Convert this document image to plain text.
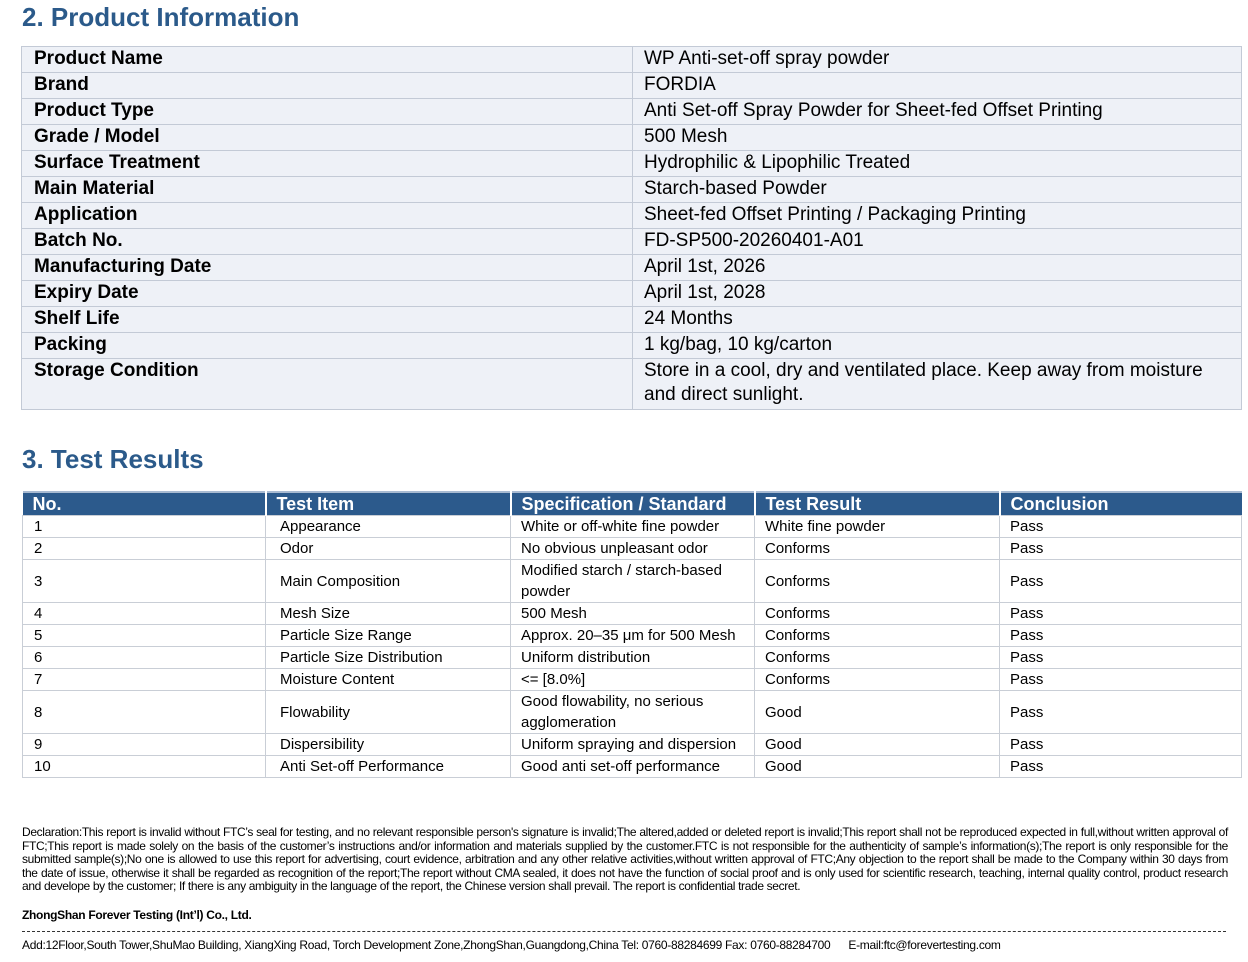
2. Product Information
Product Name	WP Anti-set-off spray powder
Brand	FORDIA
Product Type	Anti Set-off Spray Powder for Sheet-fed Offset Printing
Grade / Model	500 Mesh
Surface Treatment	Hydrophilic & Lipophilic Treated
Main Material	Starch-based Powder
Application	Sheet-fed Offset Printing / Packaging Printing
Batch No.	FD-SP500-20260401-A01
Manufacturing Date	April 1st, 2026
Expiry Date	April 1st, 2028
Shelf Life	24 Months
Packing	1 kg/bag, 10 kg/carton
Storage Condition	Store in a cool, dry and ventilated place. Keep away from moisture and direct sunlight.
3. Test Results
No.	Test Item	Specification / Standard	Test Result	Conclusion
1	Appearance	White or off-white fine powder	White fine powder	Pass
2	Odor	No obvious unpleasant odor	Conforms	Pass
3	Main Composition	Modified starch / starch-based powder	Conforms	Pass
4	Mesh Size	500 Mesh	Conforms	Pass
5	Particle Size Range	Approx. 20–35 μm for 500 Mesh	Conforms	Pass
6	Particle Size Distribution	Uniform distribution	Conforms	Pass
7	Moisture Content	<= [8.0%]	Conforms	Pass
8	Flowability	Good flowability, no serious agglomeration	Good	Pass
9	Dispersibility	Uniform spraying and dispersion	Good	Pass
10	Anti Set-off Performance	Good anti set-off performance	Good	Pass
Declaration:This report is invalid without FTC’s seal for testing, and no relevant responsible person's signature is invalid;The altered,added or deleted report is invalid;This report shall not be reproduced expected in full,without written approval of FTC;This report is made solely on the basis of the customer’s instructions and/or information and materials supplied by the customer.FTC is not responsible for the authenticity of sample’s information(s);The report is only responsible for the submitted sample(s);No one is allowed to use this report for advertising, court evidence, arbitration and any other relative activities,without written approval of FTC;Any objection to the report shall be made to the Company within 30 days from the date of issue, otherwise it shall be regarded as recognition of the report;The report without CMA sealed, it does not have the function of social proof and is only used for scientific research, teaching, internal quality control, product research and develope by the customer; If there is any ambiguity in the language of the report, the Chinese version shall prevail. The report is confidential trade secret.
ZhongShan Forever Testing (Int’l) Co., Ltd.
Add:12Floor,South Tower,ShuMao Building, XiangXing Road, Torch Development Zone,ZhongShan,Guangdong,China Tel: 0760-88284699 Fax: 0760-88284700 E-mail:ftc@forevertesting.com
